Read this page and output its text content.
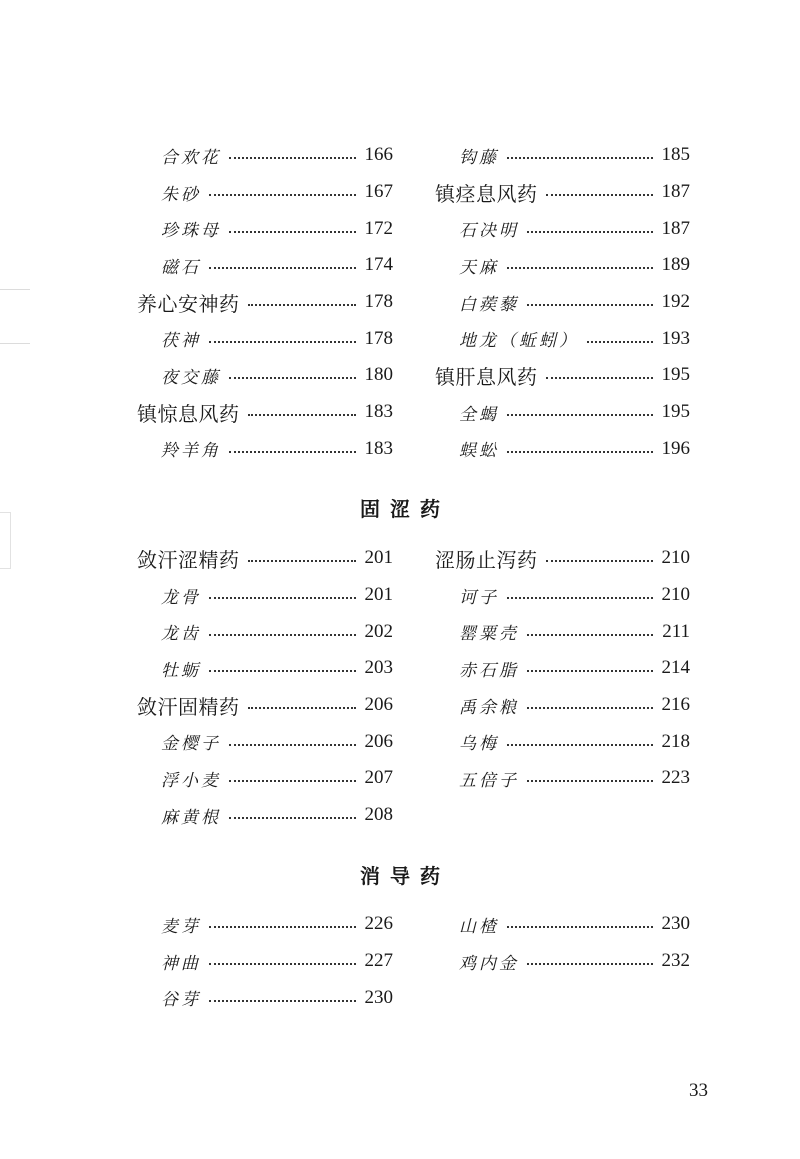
合欢花	166
朱砂	167
珍珠母	172
磁石	174
养心安神药	178
茯神	178
夜交藤	180
镇惊息风药	183
羚羊角	183
钩藤	185
镇痉息风药	187
石决明	187
天麻	189
白蒺藜	192
地龙（蚯蚓）	193
镇肝息风药	195
全蝎	195
蜈蚣	196
固涩药
敛汗涩精药	201
龙骨	201
龙齿	202
牡蛎	203
敛汗固精药	206
金樱子	206
浮小麦	207
麻黄根	208
涩肠止泻药	210
诃子	210
罂粟壳	211
赤石脂	214
禹余粮	216
乌梅	218
五倍子	223
消导药
麦芽	226
神曲	227
谷芽	230
山楂	230
鸡内金	232
33
